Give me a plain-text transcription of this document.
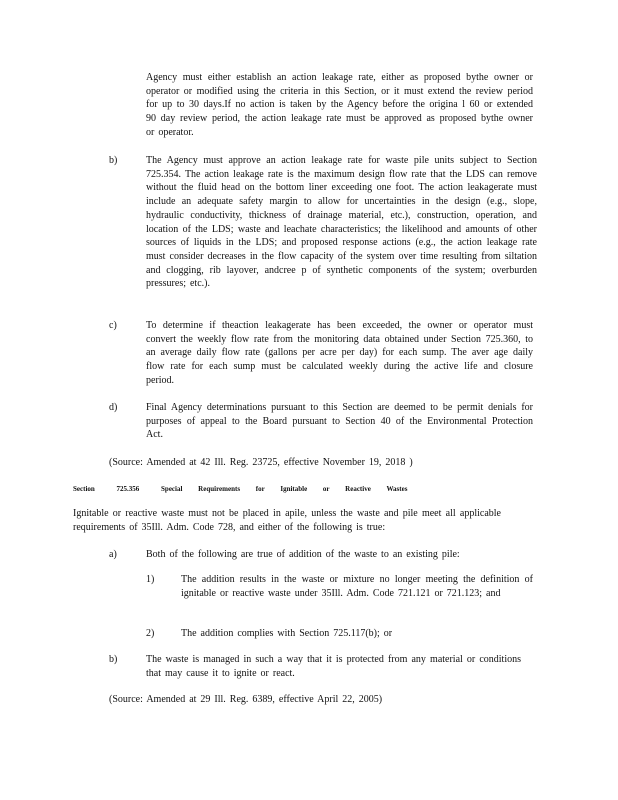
Agency must either establish an action leakage rate, either as proposed bythe owner or operator or modified using the criteria in this Section, or it must extend the review period for up to 30 days.If no action is taken by the Agency before the origina l 60 or extended 90 day review period, the action leakage rate must be approved as proposed bythe owner or operator.
b)	The Agency must approve an action leakage rate for waste pile units subject to Section 725.354. The action leakage rate is the maximum design flow rate that the LDS can remove without the fluid head on the bottom liner exceeding one foot. The action leakagerate must include an adequate safety margin to allow for uncertainties in the design (e.g., slope, hydraulic conductivity, thickness of drainage material, etc.), construction, operation, and location of the LDS; waste and leachate characteristics; the likelihood and amounts of other sources of liquids in the LDS; and proposed response actions (e.g., the action leakage rate must consider decreases in the flow capacity of the system over time resulting from siltation and clogging, rib layover, andcree p of synthetic components of the system; overburden pressures; etc.).
c)	To determine if theaction leakagerate has been exceeded, the owner or operator must convert the weekly flow rate from the monitoring data obtained under Section 725.360, to an average daily flow rate (gallons per acre per day) for each sump. The aver age daily flow rate for each sump must be calculated weekly during the active life and closure period.
d)	Final Agency determinations pursuant to this Section are deemed to be permit denials for purposes of appeal to the Board pursuant to Section 40 of the Environmental Protection Act.
(Source: Amended at 42 Ill. Reg. 23725, effective November 19, 2018 )
Section	725.356	Special Requirements for Ignitable or Reactive Wastes
Ignitable or reactive waste must not be placed in apile, unless the waste and pile meet all applicable requirements of 35Ill. Adm. Code 728, and either of the following is true:
a)	Both of the following are true of addition of the waste to an existing pile:
1)	The addition results in the waste or mixture no longer meeting the definition of ignitable or reactive waste under 35Ill. Adm. Code 721.121 or 721.123; and
2)	The addition complies with Section 725.117(b); or
b)	The waste is managed in such a way that it is protected from any material or conditions that may cause it to ignite or react.
(Source: Amended at 29 Ill. Reg. 6389, effective April 22, 2005)
